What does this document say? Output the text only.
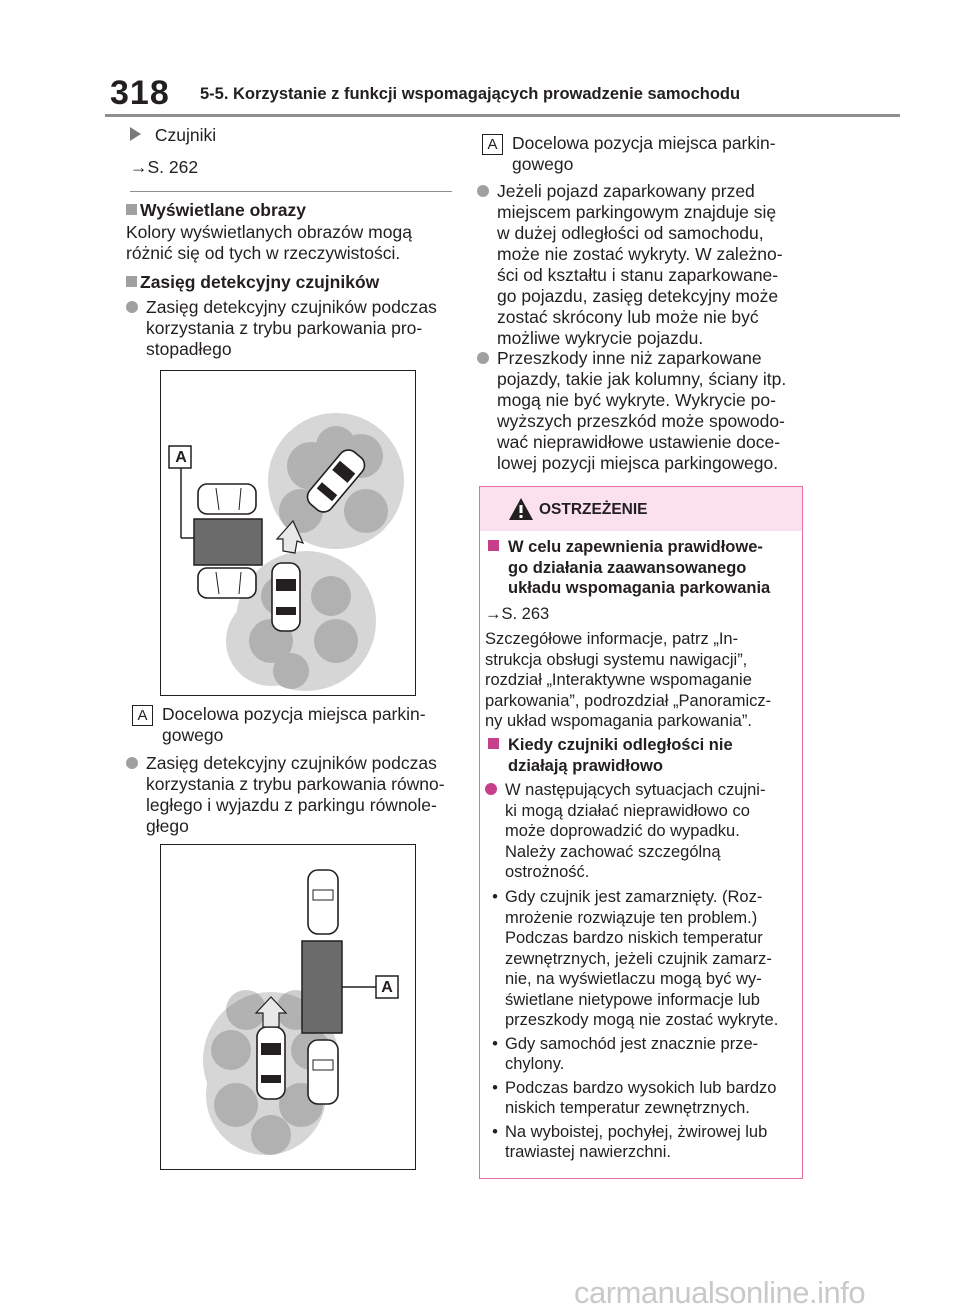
318 5-5. Korzystanie z funkcji wspomagających prowadzenie samochodu
Czujniki
→S. 262
Wyświetlane obrazy
Kolory wyświetlanych obrazów mogą
różnić się od tych w rzeczywistości.
Zasięg detekcyjny czujników
Zasięg detekcyjny czujników podczas
korzystania z trybu parkowania pro-
stopadłego
A
A Docelowa pozycja miejsca parkin-
gowego
Zasięg detekcyjny czujników podczas
korzystania z trybu parkowania równo-
ległego i wyjazdu z parkingu równole-
głego
A
A Docelowa pozycja miejsca parkin-
gowego
Jeżeli pojazd zaparkowany przed
miejscem parkingowym znajduje się
w dużej odległości od samochodu,
może nie zostać wykryty. W zależno-
ści od kształtu i stanu zaparkowane-
go pojazdu, zasięg detekcyjny może
zostać skrócony lub może nie być
możliwe wykrycie pojazdu.
Przeszkody inne niż zaparkowane
pojazdy, takie jak kolumny, ściany itp.
mogą nie być wykryte. Wykrycie po-
wyższych przeszkód może spowodo-
wać nieprawidłowe ustawienie doce-
lowej pozycji miejsca parkingowego.
OSTRZEŻENIE
W celu zapewnienia prawidłowe-
go działania zaawansowanego
układu wspomagania parkowania
→S. 263
Szczegółowe informacje, patrz „In-
strukcja obsługi systemu nawigacji”,
rozdział „Interaktywne wspomaganie
parkowania”, podrozdział „Panoramicz-
ny układ wspomagania parkowania”.
Kiedy czujniki odległości nie
działają prawidłowo
W następujących sytuacjach czujni-
ki mogą działać nieprawidłowo co
może doprowadzić do wypadku.
Należy zachować szczególną
ostrożność.
• Gdy czujnik jest zamarznięty. (Roz-
mrożenie rozwiązuje ten problem.)
Podczas bardzo niskich temperatur
zewnętrznych, jeżeli czujnik zamarz-
nie, na wyświetlaczu mogą być wy-
świetlane nietypowe informacje lub
przeszkody mogą nie zostać wykryte.
• Gdy samochód jest znacznie prze-
chylony.
• Podczas bardzo wysokich lub bardzo
niskich temperatur zewnętrznych.
• Na wyboistej, pochyłej, żwirowej lub
trawiastej nawierzchni.
carmanualsonline.info
